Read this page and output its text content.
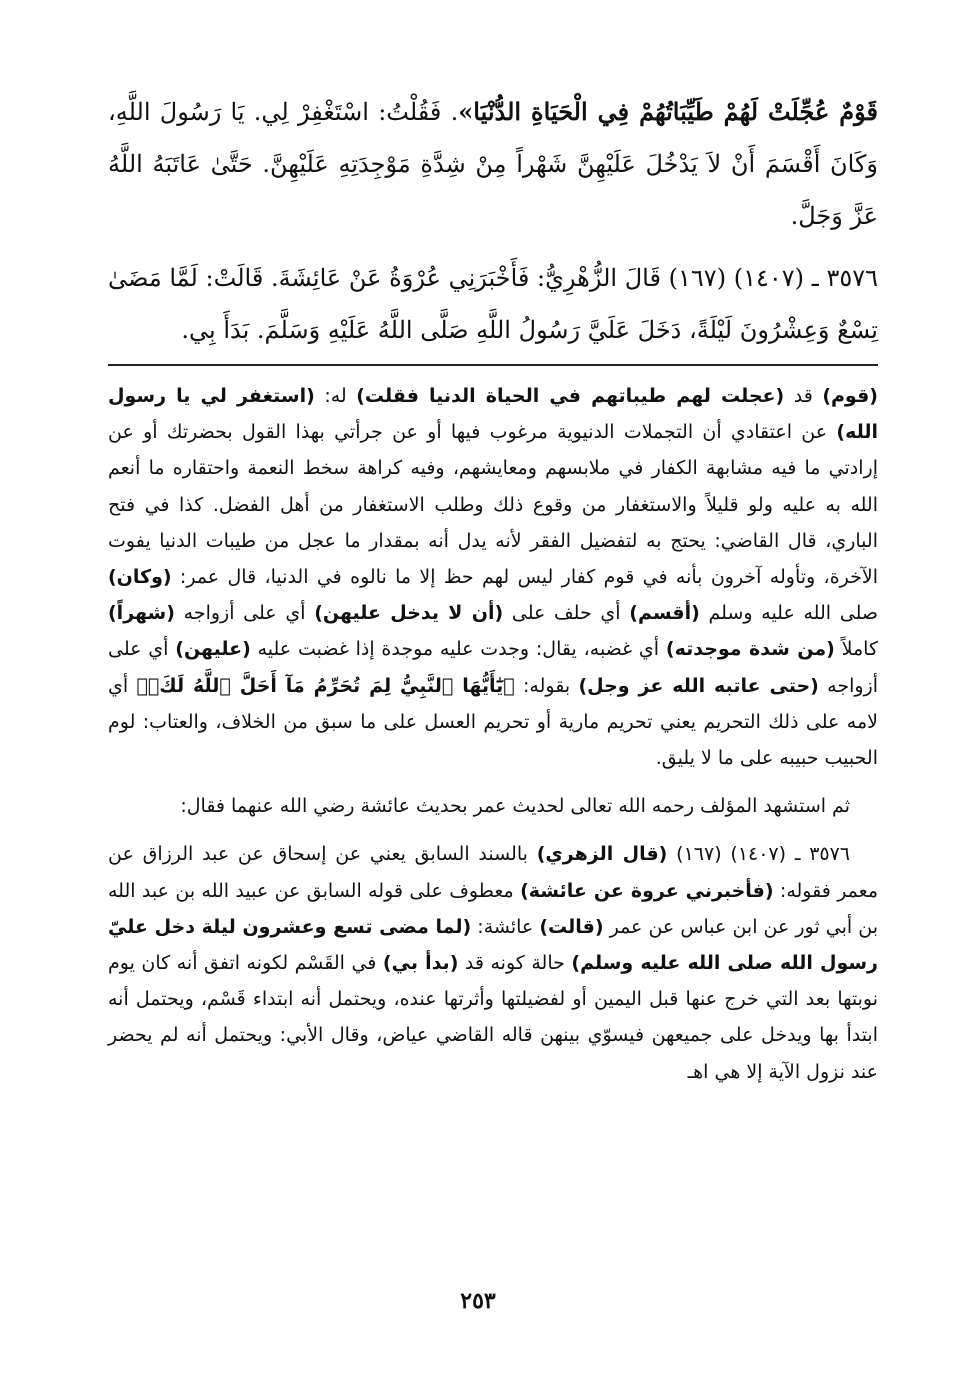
قَوْمٌ عُجِّلَتْ لَهُمْ طَيِّبَاتُهُمْ فِي الْحَيَاةِ الدُّنْيَا». فَقُلْتُ: اسْتَغْفِرْ لِي. يَا رَسُولَ اللَّهِ، وَكَانَ أَقْسَمَ أَنْ لاَ يَدْخُلَ عَلَيْهِنَّ شَهْراً مِنْ شِدَّةِ مَوْجِدَتِهِ عَلَيْهِنَّ. حَتَّىٰ عَاتَبَهُ اللَّهُ عَزَّ وَجَلَّ.

٣٥٧٦ ـ (١٤٠٧) (١٦٧) قَالَ الزُّهْرِيُّ: فَأَخْبَرَنِي عُرْوَةُ عَنْ عَائِشَةَ. قَالَتْ: لَمَّا مَضَىٰ تِسْعٌ وَعِشْرُونَ لَيْلَةً، دَخَلَ عَلَيَّ رَسُولُ اللَّهِ صَلَّى اللَّهُ عَلَيْهِ وَسَلَّمَ. بَدَأَ بِي.

(قوم) قد (عجلت لهم طيباتهم في الحياة الدنيا فقلت) له: (استغفر لي يا رسول الله) عن اعتقادي أن التجملات الدنيوية مرغوب فيها أو عن جرأتي بهذا القول بحضرتك أو عن إرادتي ما فيه مشابهة الكفار في ملابسهم ومعايشهم، وفيه كراهة سخط النعمة واحتقاره ما أنعم الله به عليه ولو قليلاً والاستغفار من وقوع ذلك وطلب الاستغفار من أهل الفضل. كذا في فتح الباري، قال القاضي: يحتج به لتفضيل الفقر لأنه يدل أنه بمقدار ما عجل من طيبات الدنيا يفوت الآخرة، وتأوله آخرون بأنه في قوم كفار ليس لهم حظ إلا ما نالوه في الدنيا، قال عمر: (وكان) صلى الله عليه وسلم (أقسم) أي حلف على (أن لا يدخل عليهن) أي على أزواجه (شهراً) كاملاً (من شدة موجدته) أي غضبه، يقال: وجدت عليه موجدة إذا غضبت عليه (عليهن) أي على أزواجه (حتى عاتبه الله عز وجل) بقوله: ﴿يَٰٓأَيُّهَا ٱلنَّبِيُّ لِمَ تُحَرِّمُ مَآ أَحَلَّ ٱللَّهُ لَكَۖ﴾ أي لامه على ذلك التحريم يعني تحريم مارية أو تحريم العسل على ما سبق من الخلاف، والعتاب: لوم الحبيب حبيبه على ما لا يليق.

ثم استشهد المؤلف رحمه الله تعالى لحديث عمر بحديث عائشة رضي الله عنهما فقال:

٣٥٧٦ ـ (١٤٠٧) (١٦٧) (قال الزهري) بالسند السابق يعني عن إسحاق عن عبد الرزاق عن معمر فقوله: (فأخبرني عروة عن عائشة) معطوف على قوله السابق عن عبيد الله بن عبد الله بن أبي ثور عن ابن عباس عن عمر (قالت) عائشة: (لما مضى تسع وعشرون ليلة دخل عليّ رسول الله صلى الله عليه وسلم) حالة كونه قد (بدأ بي) في القَسْم لكونه اتفق أنه كان يوم نوبتها بعد التي خرج عنها قبل اليمين أو لفضيلتها وأثرتها عنده، ويحتمل أنه ابتداء قَسْم، ويحتمل أنه ابتدأ بها ويدخل على جميعهن فيسوّي بينهن قاله القاضي عياض، وقال الأبي: ويحتمل أنه لم يحضر عند نزول الآية إلا هي اهـ

٢٥٣
